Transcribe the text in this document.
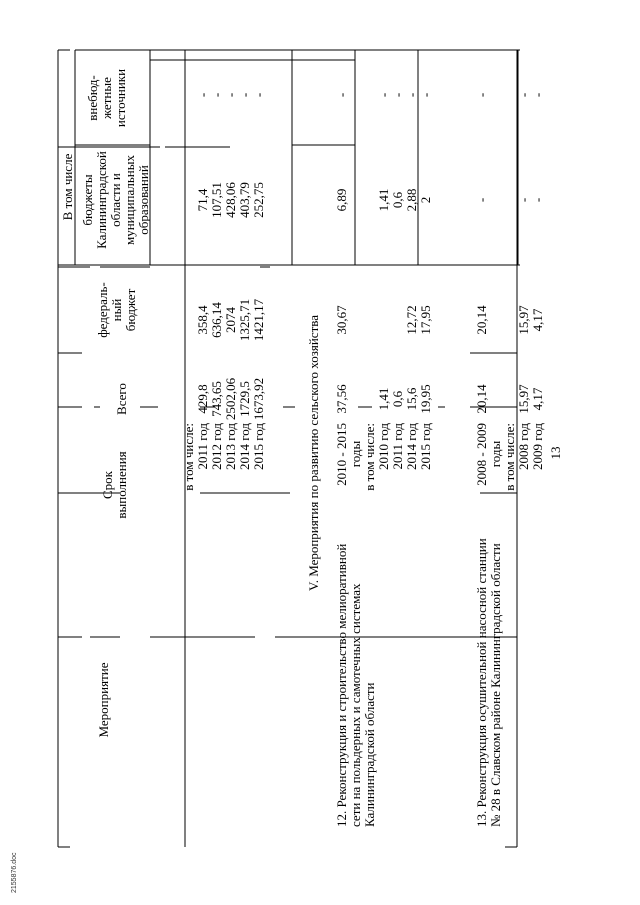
13
Мероприятие
Срок выполнения
Всего
В том числе
федераль- ный бюджет
бюджеты Калининградской области и муниципальных образований
внебюд- жетные источники
в том числе: 2011 год
429,8
358,4
71,4
-
2012 год
743,65
636,14
107,51
-
2013 год
2502,06
2074
428,06
-
2014 год
1729,5
1325,71
403,79
-
2015 год
1673,92
1421,17
252,75
-
V. Мероприятия по развитию сельского хозяйства
12. Реконструкция и строительство мелиоративной сети на польдерных и самотечных системах Калининградской области
2010 - 2015 годы
37,56
30,67
6,89
-
в том числе: 2010 год
1,41
1,41
-
2011 год
0,6
0,6
-
2014 год
15,6
12,72
2,88
-
2015 год
19,95
17,95
2
-
13. Реконструкция осушительной насосной станции № 28 в Славском районе Калининградской области
2008 - 2009 годы
20,14
20,14
-
-
в том числе: 2008 год
15,97
15,97
-
-
2009 год
4,17
4,17
-
-
2155876.doc
